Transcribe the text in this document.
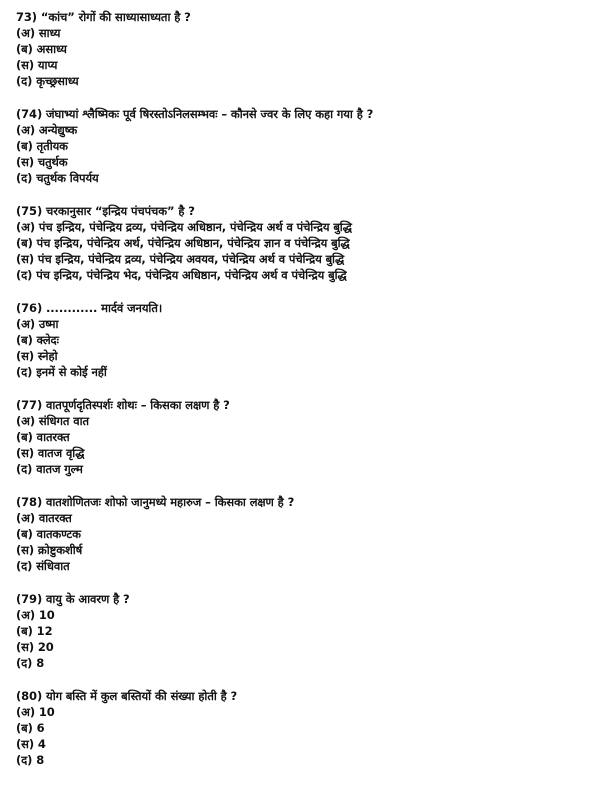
73) “कांच” रोगों की साध्यासाध्यता है ?
(अ) साध्य
(ब) असाध्य
(स) याप्य
(द) कृच्छ्रसाध्य
(74) जंघाभ्यां श्लैष्मिकः पूर्व षिरस्तोऽनिलसम्भवः – कौनसे ज्वर के लिए कहा गया है ?
(अ) अन्येद्युष्क
(ब) तृतीयक
(स) चतुर्थक
(द) चतुर्थक विपर्यय
(75) चरकानुसार “इन्द्रिय पंचपंचक” है ?
(अ) पंच इन्द्रिय, पंचेन्द्रिय द्रव्य, पंचेन्द्रिय अधिष्ठान, पंचेन्द्रिय अर्थ व पंचेन्द्रिय बुद्धि
(ब) पंच इन्द्रिय, पंचेन्द्रिय अर्थ, पंचेन्द्रिय अधिष्ठान, पंचेन्द्रिय ज्ञान व पंचेन्द्रिय बुद्धि
(स) पंच इन्द्रिय, पंचेन्द्रिय द्रव्य, पंचेन्द्रिय अवयव, पंचेन्द्रिय अर्थ व पंचेन्द्रिय बुद्धि
(द) पंच इन्द्रिय, पंचेन्द्रिय भेद, पंचेन्द्रिय अधिष्ठान, पंचेन्द्रिय अर्थ व पंचेन्द्रिय बुद्धि
(76) ............ मार्दवं जनयति।
(अ) उष्मा
(ब) क्लेदः
(स) स्नेहो
(द) इनमें से कोई नहीं
(77) वातपूर्णदृतिस्पर्शः शोथः – किसका लक्षण है ?
(अ) संधिगत वात
(ब) वातरक्त
(स) वातज वृद्धि
(द) वातज गुल्म
(78) वातशोणितजः शोफो जानुमध्ये महारुज – किसका लक्षण है ?
(अ) वातरक्त
(ब) वातकण्टक
(स) क्रोष्टुकशीर्ष
(द) संधिवात
(79) वायु के आवरण है ?
(अ) 10
(ब) 12
(स) 20
(द) 8
(80) योग बस्ति में कुल बस्तियों की संख्या होती है ?
(अ) 10
(ब) 6
(स) 4
(द) 8
